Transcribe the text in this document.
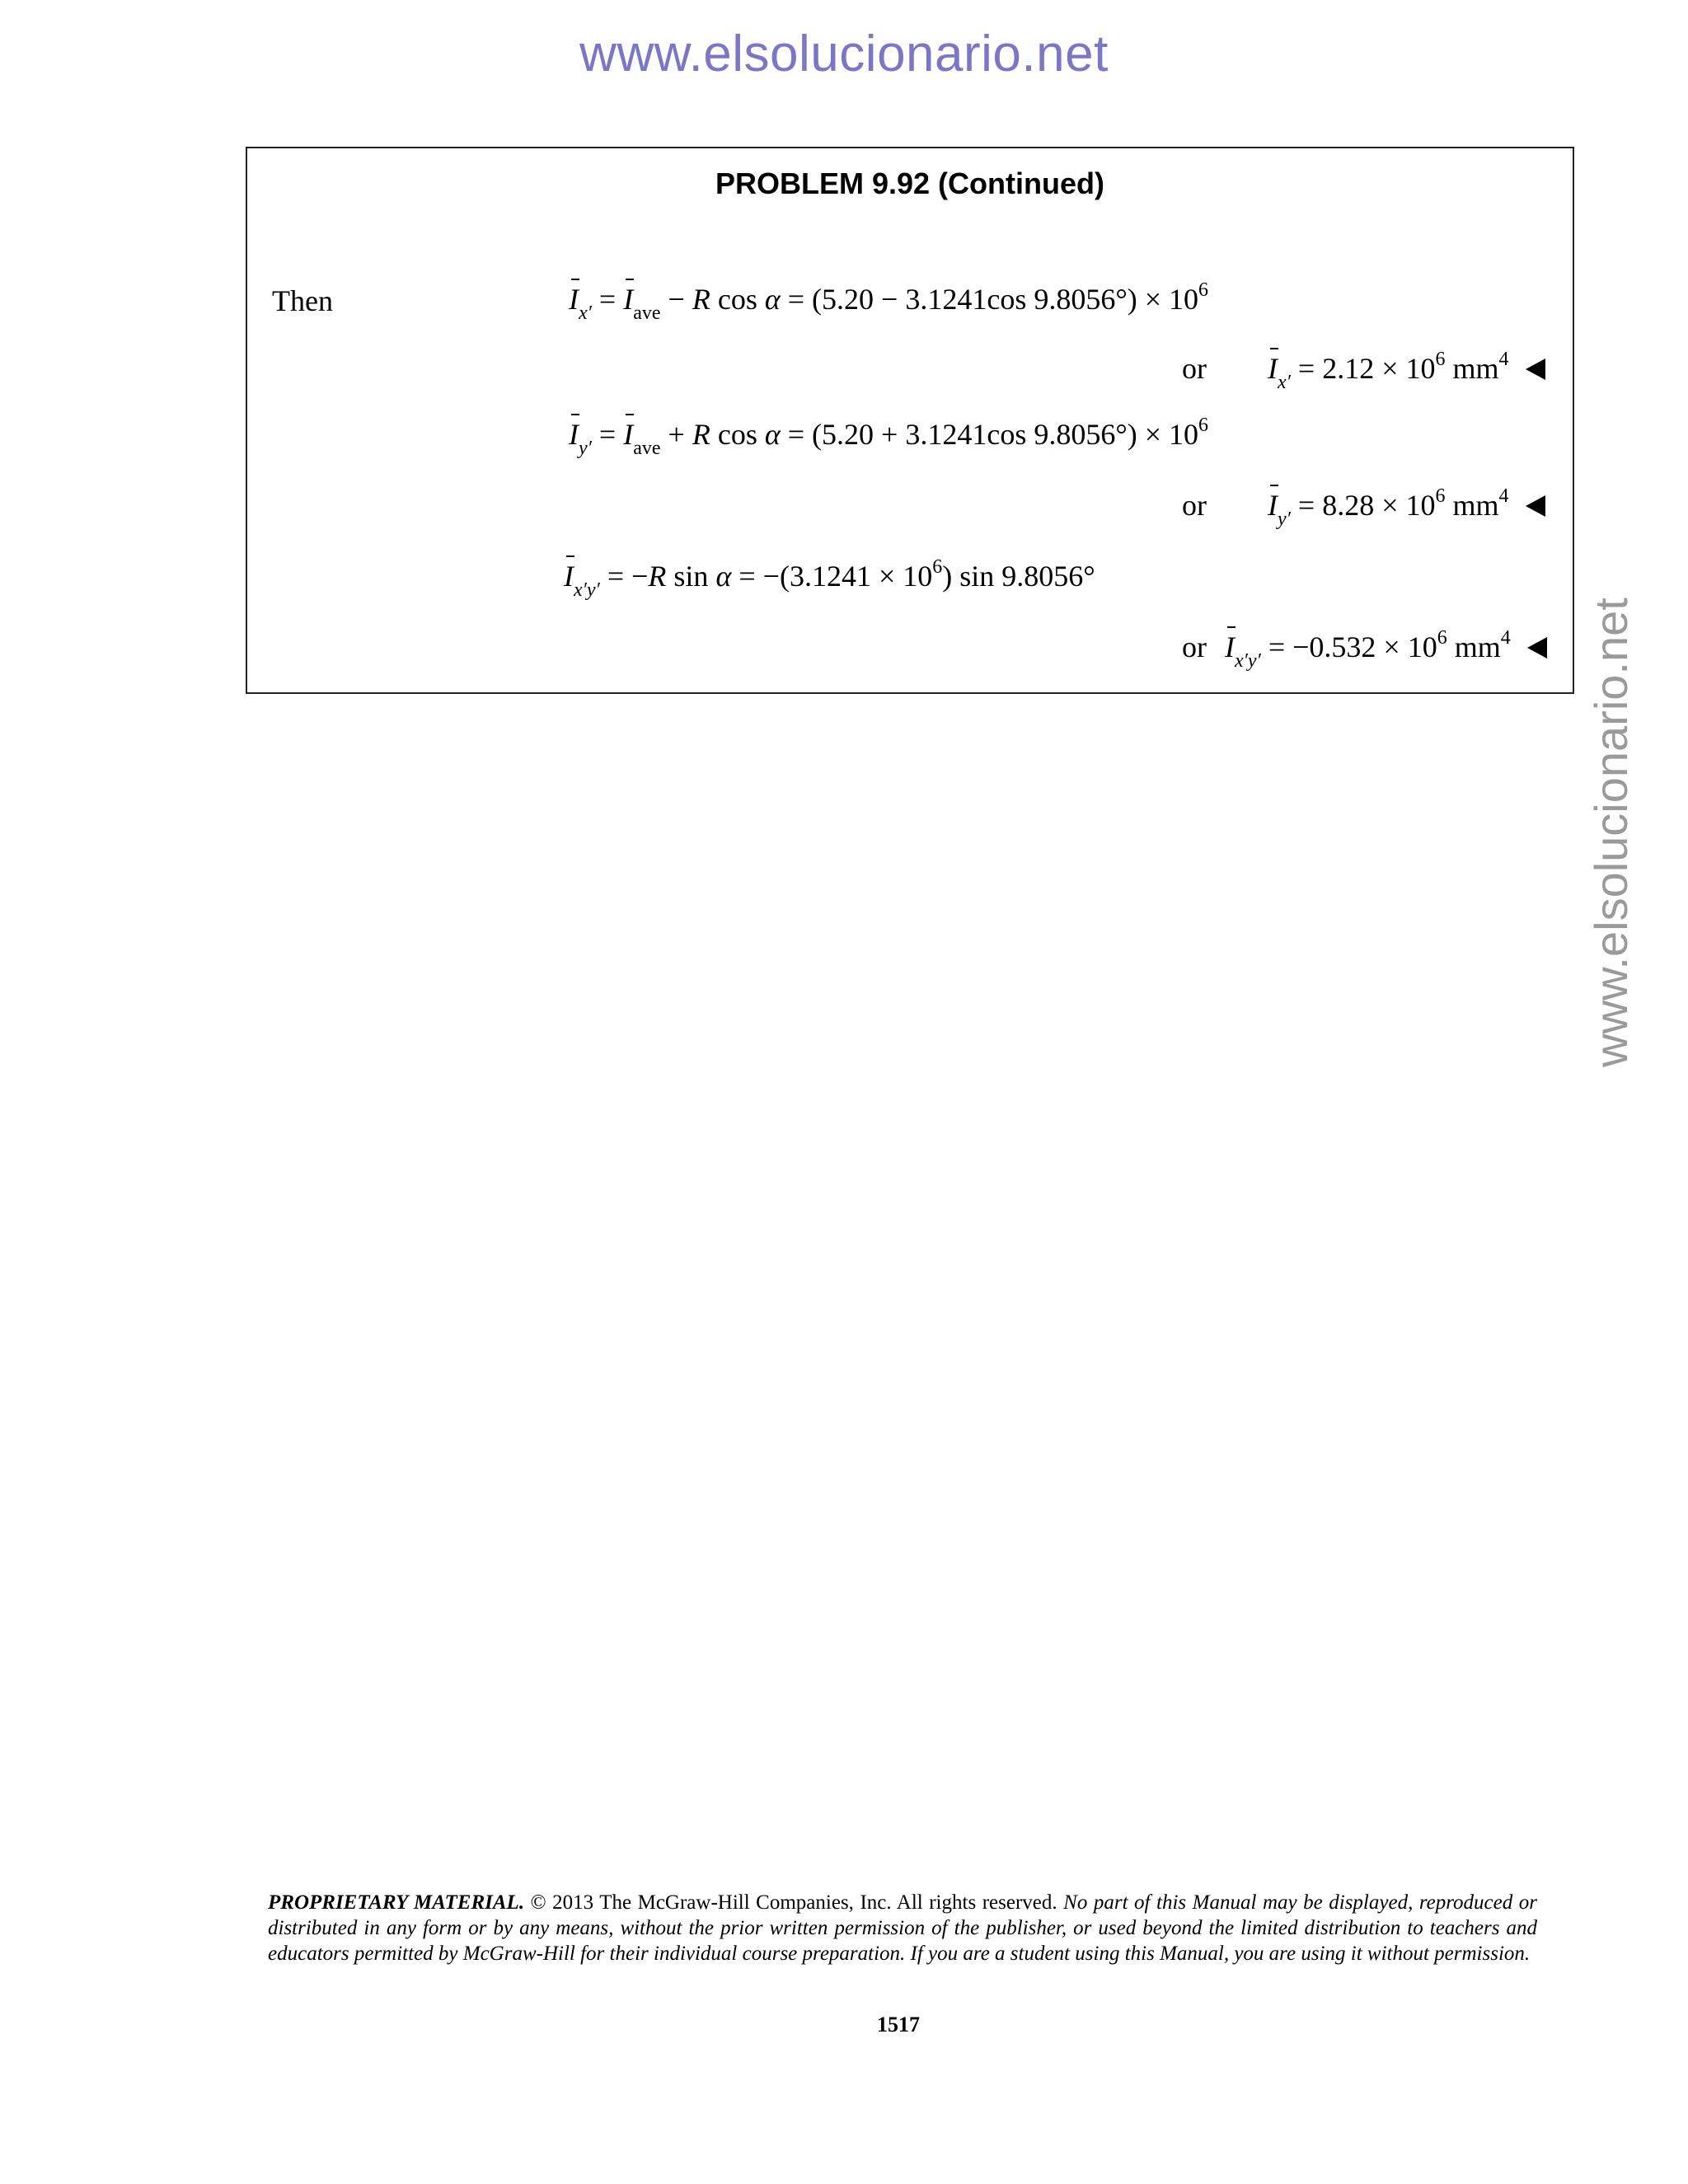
www.elsolucionario.net
www.elsolucionario.net
PROBLEM 9.92 (Continued)
Then	$I_{x'} = I_{ave} - R$ cos α = (5.20 − 3.1241cos $9.8056^\circ) \times 10^6$
or $I_{x'} = 2.12 \times 10^6$ $mm^4$
$I_{y'} = I_{ave} + R$ cos α = (5.20 + 3.1241cos $9.8056^\circ) \times 10^6$
or $I_{y'} = 8.28 \times 10^6$ $mm^4$
$I_{x'y'} = -R$ $\sin \alpha = -(3.1241 \times 10^6)$ sin 9.8056°
or $I_{x'y'} = -0.532 \times 10^6$ $mm^4$
PROPRIETARY MATERIAL. © 2013 The McGraw-Hill Companies, Inc. All rights reserved. No part of this Manual may be displayed, reproduced or distributed in any form or by any means, without the prior written permission of the publisher, or used beyond the limited distribution to teachers and educators permitted by McGraw-Hill for their individual course preparation. If you are a student using this Manual, you are using it without permission.
1517
